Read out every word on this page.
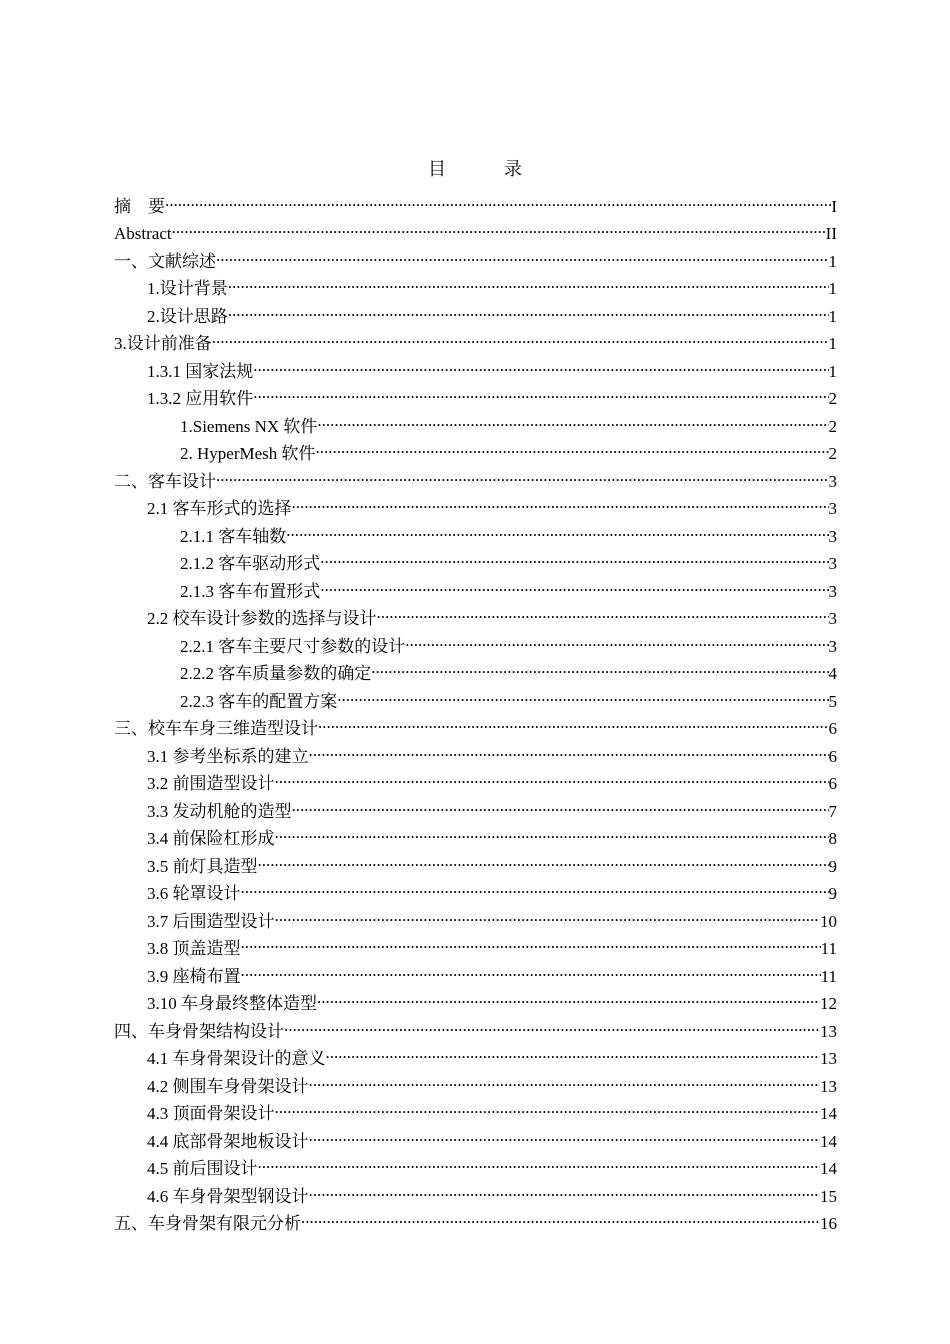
目　录
摘　要 .....	I
Abstract .....	II
一、文献综述 .....	1
1.设计背景 .....	1
2.设计思路 .....	1
3.设计前准备 .....	1
1.3.1 国家法规 .....	1
1.3.2 应用软件 .....	2
1.Siemens NX 软件 .....	2
2. HyperMesh 软件 .....	2
二、客车设计 .....	3
2.1 客车形式的选择 .....	3
2.1.1 客车轴数 .....	3
2.1.2 客车驱动形式 .....	3
2.1.3 客车布置形式 .....	3
2.2 校车设计参数的选择与设计 .....	3
2.2.1 客车主要尺寸参数的设计 .....	3
2.2.2 客车质量参数的确定 .....	4
2.2.3 客车的配置方案 .....	5
三、校车车身三维造型设计 .....	6
3.1 参考坐标系的建立 .....	6
3.2 前围造型设计 .....	6
3.3 发动机舱的造型 .....	7
3.4 前保险杠形成 .....	8
3.5 前灯具造型 .....	9
3.6 轮罩设计 .....	9
3.7 后围造型设计 .....	10
3.8 顶盖造型 .....	11
3.9 座椅布置 .....	11
3.10 车身最终整体造型 .....	12
四、车身骨架结构设计 .....	13
4.1 车身骨架设计的意义 .....	13
4.2 侧围车身骨架设计 .....	13
4.3 顶面骨架设计 .....	14
4.4 底部骨架地板设计 .....	14
4.5 前后围设计 .....	14
4.6 车身骨架型钢设计 .....	15
五、车身骨架有限元分析 .....	16
